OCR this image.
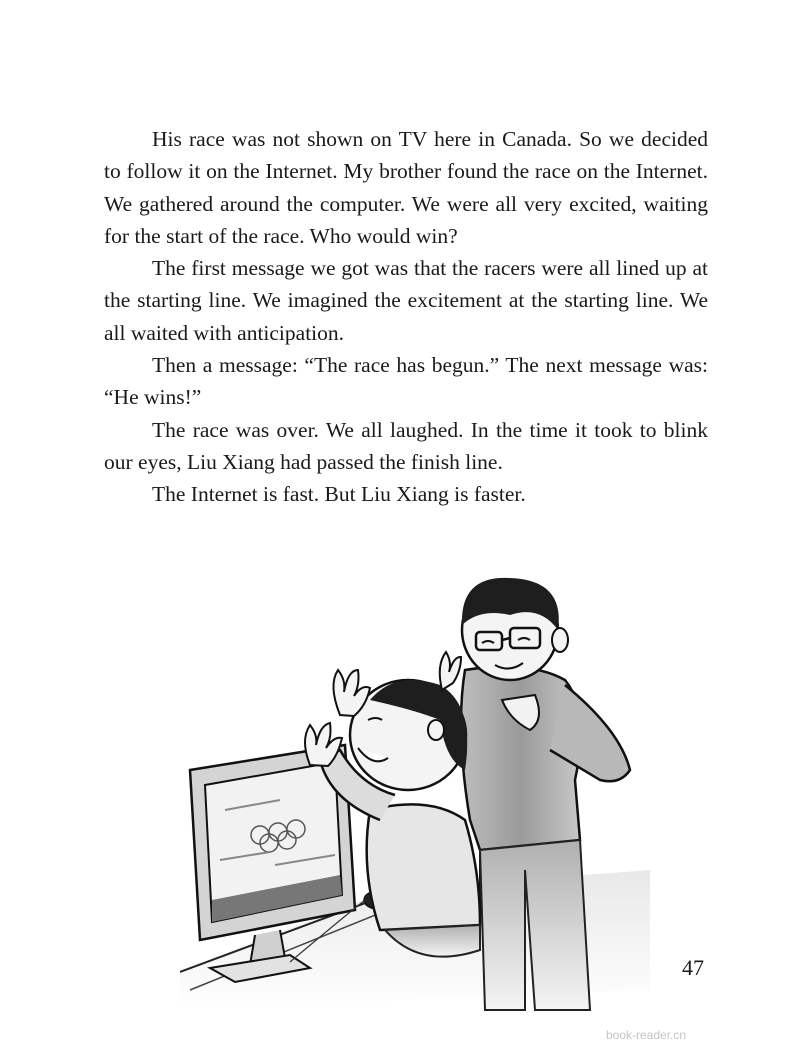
His race was not shown on TV here in Canada. So we decided to follow it on the Internet. My brother found the race on the Internet. We gathered around the computer. We were all very excited, waiting for the start of the race. Who would win?

The first message we got was that the racers were all lined up at the starting line. We imagined the excitement at the starting line. We all waited with anticipation.

Then a message: “The race has begun.” The next message was: “He wins!”

The race was over. We all laughed. In the time it took to blink our eyes, Liu Xiang had passed the finish line.

The Internet is fast. But Liu Xiang is faster.

47
book-reader.cn
